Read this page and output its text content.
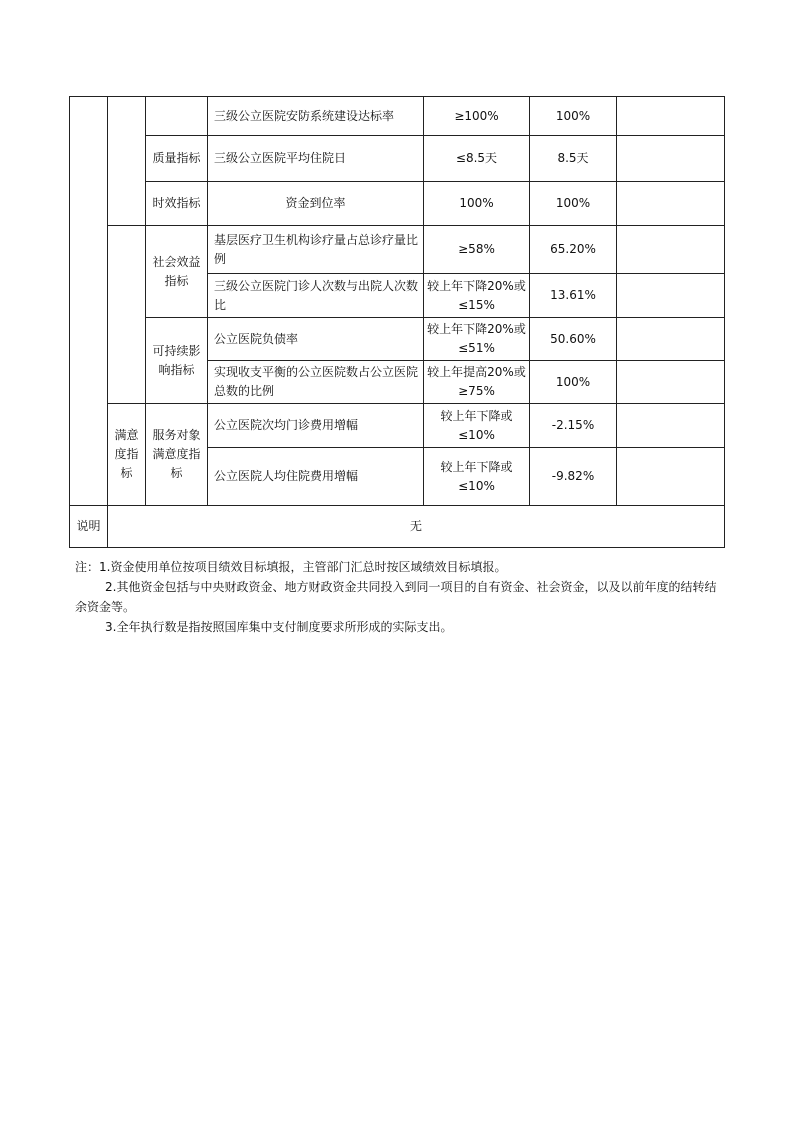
			三级公立医院安防系统建设达标率	≥100%	100%	
		质量指标	三级公立医院平均住院日	≤8.5天	8.5天	
		时效指标	资金到位率	100%	100%	
		社会效益指标	基层医疗卫生机构诊疗量占总诊疗量比例	≥58%	65.20%	
			三级公立医院门诊人次数与出院人次数比	较上年下降20%或≤15%	13.61%	
		可持续影响指标	公立医院负债率	较上年下降20%或≤51%	50.60%	
			实现收支平衡的公立医院数占公立医院总数的比例	较上年提高20%或≥75%	100%	
	满意度指标	服务对象满意度指标	公立医院次均门诊费用增幅	较上年下降或≤10%	-2.15%	
			公立医院人均住院费用增幅	较上年下降或≤10%	-9.82%	
说明	无					

注：1.资金使用单位按项目绩效目标填报，主管部门汇总时按区域绩效目标填报。

2.其他资金包括与中央财政资金、地方财政资金共同投入到同一项目的自有资金、社会资金，以及以前年度的结转结余资金等。

3.全年执行数是指按照国库集中支付制度要求所形成的实际支出。
